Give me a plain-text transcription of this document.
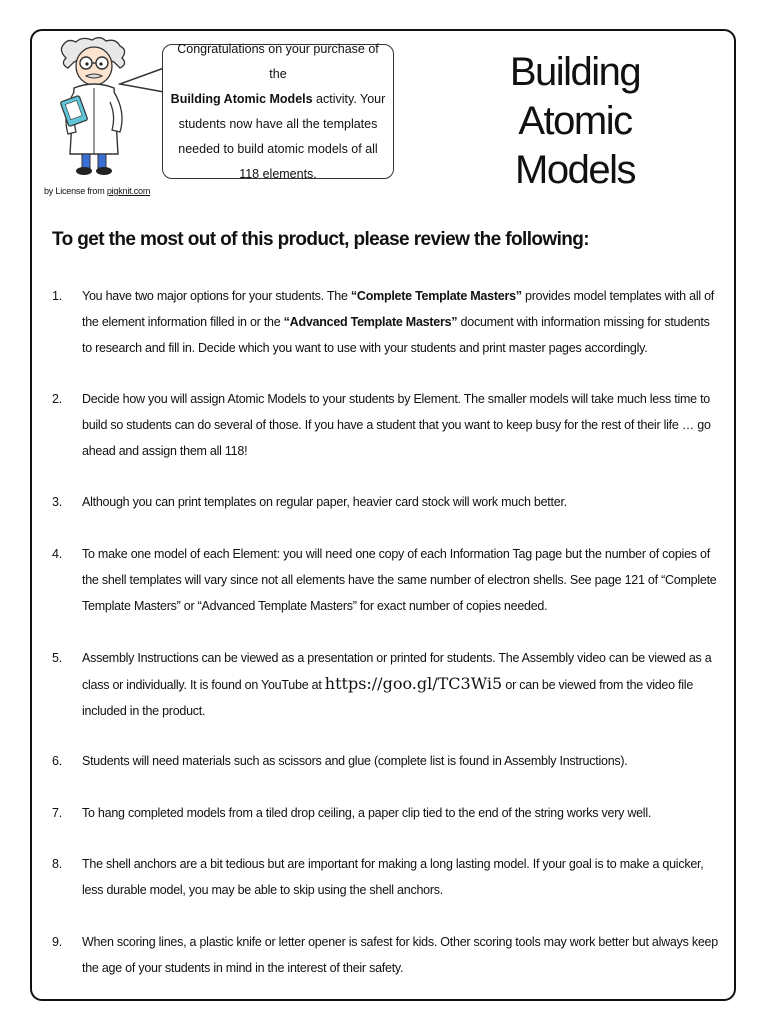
by License from pigknit.com
Congratulations on your purchase of the
Building Atomic Models activity. Your students now have all the templates needed to build atomic models of all 118 elements.
Building
Atomic Models
To get the most out of this product, please review the following:
1.	You have two major options for your students. The “Complete Template Masters” provides model templates with all of the element information filled in or the “Advanced Template Masters” document with information missing for students to research and fill in. Decide which you want to use with your students and print master pages accordingly.
2.	Decide how you will assign Atomic Models to your students by Element. The smaller models will take much less time to build so students can do several of those. If you have a student that you want to keep busy for the rest of their life … go ahead and assign them all 118!
3.	Although you can print templates on regular paper, heavier card stock will work much better.
4.	To make one model of each Element: you will need one copy of each Information Tag page but the number of copies of the shell templates will vary since not all elements have the same number of electron shells. See page 121 of “Complete Template Masters” or “Advanced Template Masters” for exact number of copies needed.
5.	Assembly Instructions can be viewed as a presentation or printed for students. The Assembly video can be viewed as a class or individually. It is found on YouTube at https://goo.gl/TC3Wi5 or can be viewed from the video file included in the product.
6.	Students will need materials such as scissors and glue (complete list is found in Assembly Instructions).
7.	To hang completed models from a tiled drop ceiling, a paper clip tied to the end of the string works very well.
8.	The shell anchors are a bit tedious but are important for making a long lasting model. If your goal is to make a quicker, less durable model, you may be able to skip using the shell anchors.
9.	When scoring lines, a plastic knife or letter opener is safest for kids. Other scoring tools may work better but always keep the age of your students in mind in the interest of their safety.
